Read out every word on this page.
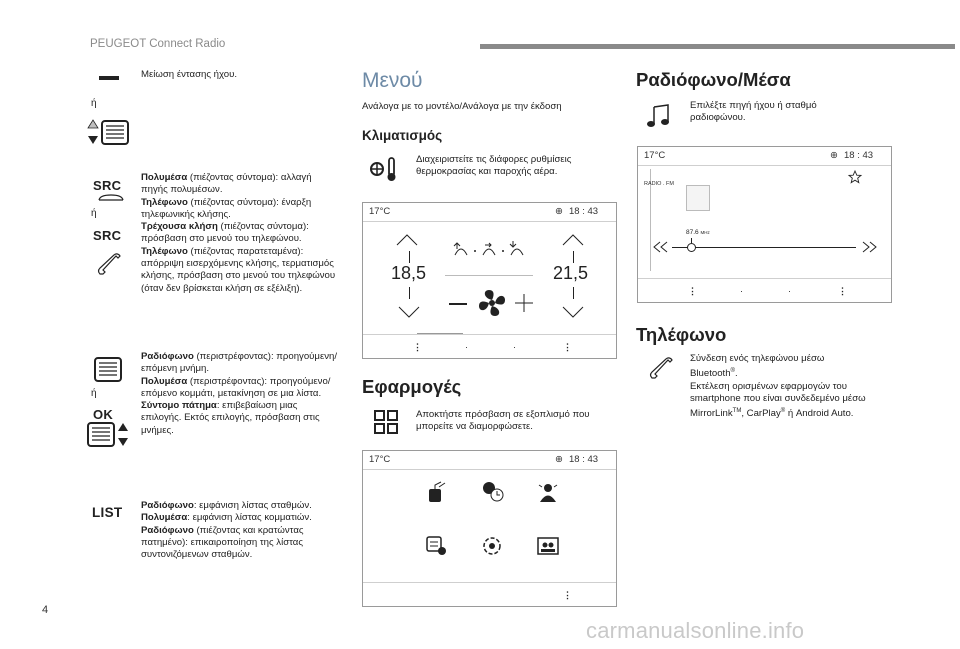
PEUGEOT Connect Radio
Μείωση έντασης ήχου.
ή
SRC
ή
SRC
Πολυμέσα (πιέζοντας σύντομα): αλλαγή πηγής πολυμέσων.
Τηλέφωνο (πιέζοντας σύντομα): έναρξη τηλεφωνικής κλήσης.
Τρέχουσα κλήση (πιέζοντας σύντομα): πρόσβαση στο μενού του τηλεφώνου.
Τηλέφωνο (πιέζοντας παρατεταμένα): απόρριψη εισερχόμενης κλήσης, τερματισμός κλήσης, πρόσβαση στο μενού του τηλεφώνου (όταν δεν βρίσκεται κλήση σε εξέλιξη).
ή
OK
Ραδιόφωνο (περιστρέφοντας): προηγούμενη/επόμενη μνήμη.
Πολυμέσα (περιστρέφοντας): προηγούμενο/επόμενο κομμάτι, μετακίνηση σε μια λίστα.
Σύντομο πάτημα: επιβεβαίωση μιας επιλογής. Εκτός επιλογής, πρόσβαση στις μνήμες.
LIST Ραδιόφωνο: εμφάνιση λίστας σταθμών.
Πολυμέσα: εμφάνιση λίστας κομματιών.
Ραδιόφωνο (πιέζοντας και κρατώντας πατημένο): επικαιροποίηση της λίστας συντονιζόμενων σταθμών.
Μενού
Ανάλογα με το μοντέλο/Ανάλογα με την έκδοση
Κλιματισμός
Διαχειριστείτε τις διάφορες ρυθμίσεις θερμοκρασίας και παροχής αέρα.
17°C	⊕ 18 : 43
18,5	21,5
⋮	·	·	⋮
Εφαρμογές
Αποκτήστε πρόσβαση σε εξοπλισμό που μπορείτε να διαμορφώσετε.
17°C	⊕ 18 : 43
⋮
Ραδιόφωνο/Μέσα
Επιλέξτε πηγή ήχου ή σταθμό ραδιοφώνου.
17°C	⊕ 18 : 43
RADIO . FM
87.6 MHz
⋮	·	·	⋮
Τηλέφωνο
Σύνδεση ενός τηλεφώνου μέσω
Bluetooth®.
Εκτέλεση ορισμένων εφαρμογών του smartphone που είναι συνδεδεμένο μέσω
MirrorLink™, CarPlay® ή Android Auto.
4
carmanualsonline.info
